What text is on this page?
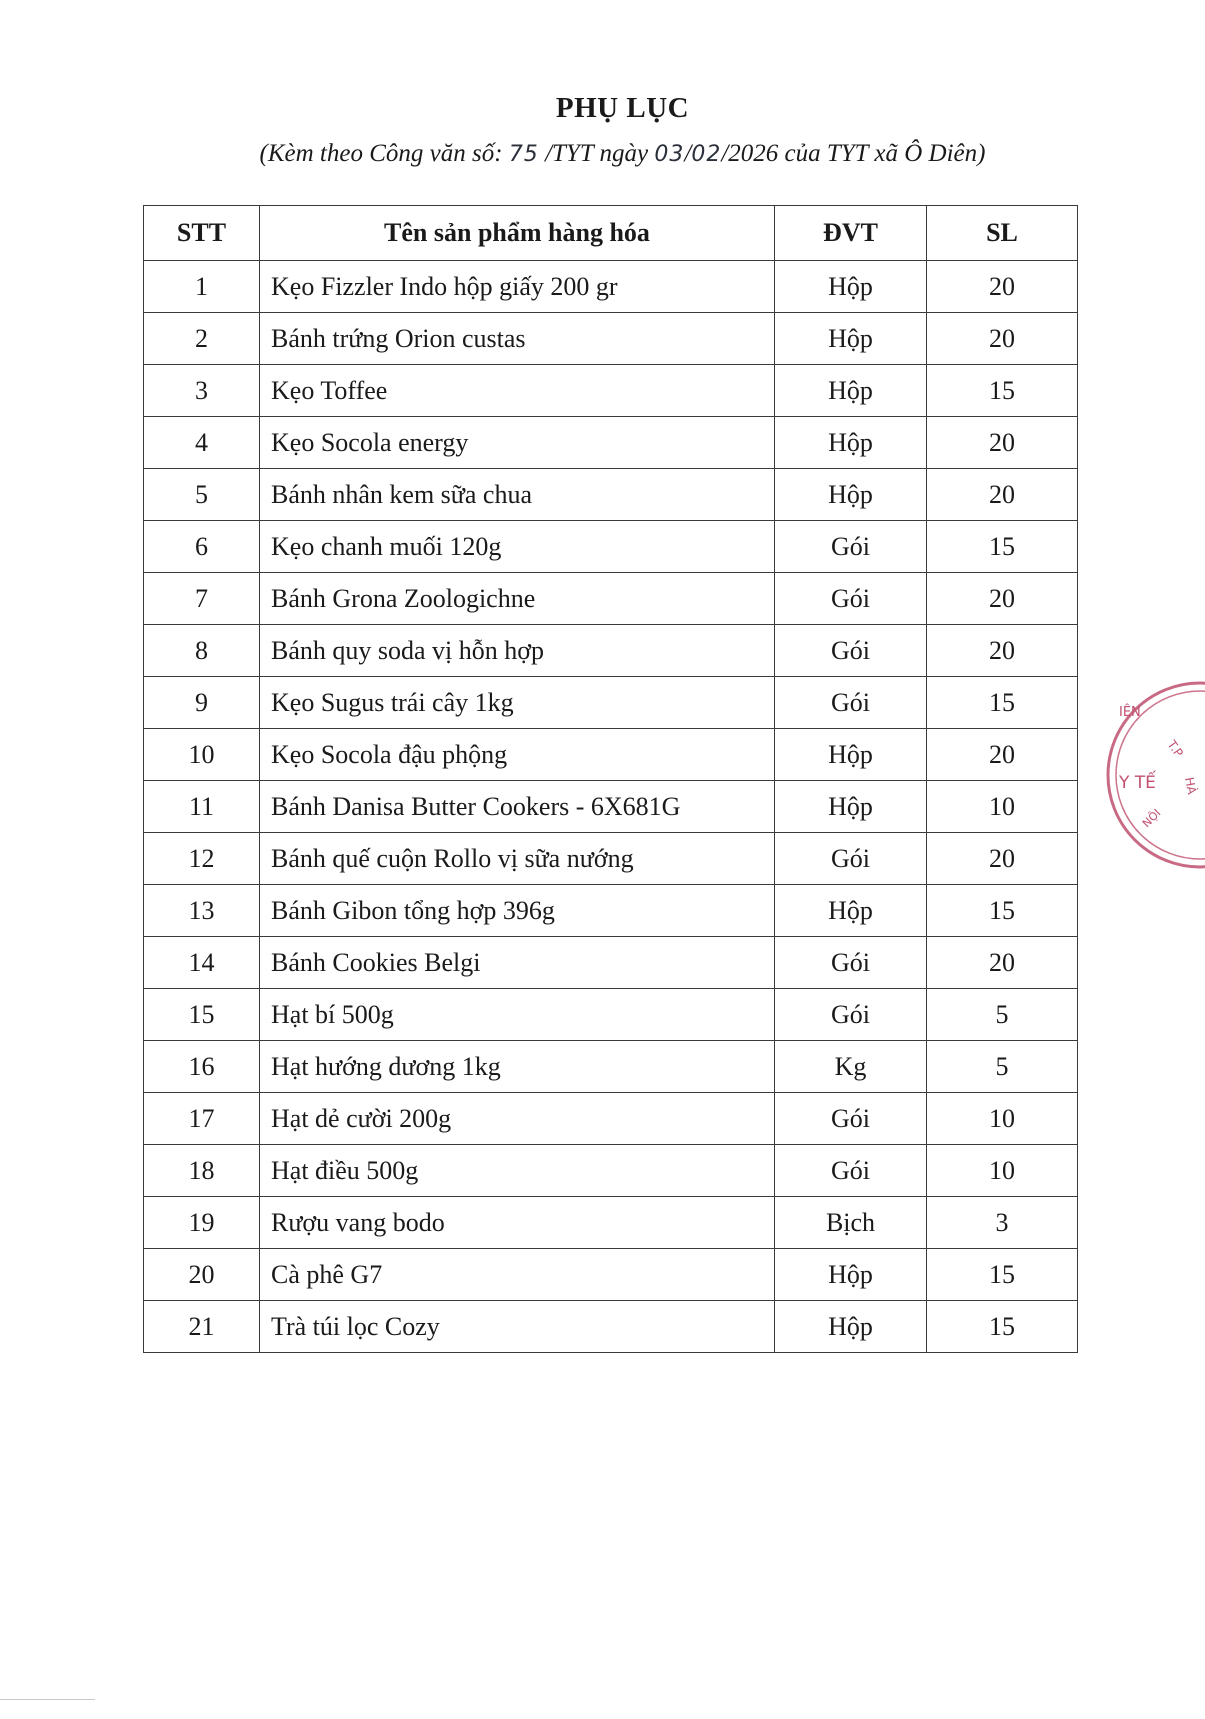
PHỤ LỤC
(Kèm theo Công văn số: 75 /TYT ngày 03/02/2026 của TYT xã Ô Diên)
STT	Tên sản phẩm hàng hóa	ĐVT	SL
1	Kẹo Fizzler Indo hộp giấy 200 gr	Hộp	20
2	Bánh trứng Orion custas	Hộp	20
3	Kẹo Toffee	Hộp	15
4	Kẹo Socola energy	Hộp	20
5	Bánh nhân kem sữa chua	Hộp	20
6	Kẹo chanh muối 120g	Gói	15
7	Bánh Grona Zoologichne	Gói	20
8	Bánh quy soda vị hỗn hợp	Gói	20
9	Kẹo Sugus trái cây 1kg	Gói	15
10	Kẹo Socola đậu phộng	Hộp	20
11	Bánh Danisa Butter Cookers - 6X681G	Hộp	10
12	Bánh quế cuộn Rollo vị sữa nướng	Gói	20
13	Bánh Gibon tổng hợp 396g	Hộp	15
14	Bánh Cookies Belgi	Gói	20
15	Hạt bí 500g	Gói	5
16	Hạt hướng dương 1kg	Kg	5
17	Hạt dẻ cười 200g	Gói	10
18	Hạt điều 500g	Gói	10
19	Rượu vang bodo	Bịch	3
20	Cà phê G7	Hộp	15
21	Trà túi lọc Cozy	Hộp	15
IÊN
T.P
HÀ
Y TẾ
NỘI
